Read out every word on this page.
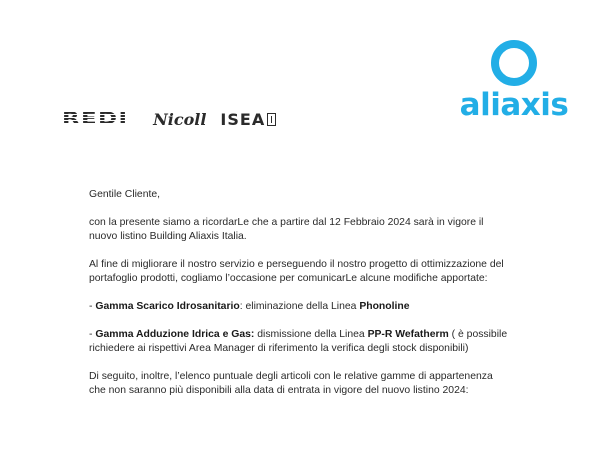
REDI Nicoll ISEA	aliaxis

Gentile Cliente,

con la presente siamo a ricordarLe che a partire dal 12 Febbraio 2024 sarà in vigore il nuovo listino Building Aliaxis Italia.

Al fine di migliorare il nostro servizio e perseguendo il nostro progetto di ottimizzazione del portafoglio prodotti, cogliamo l’occasione per comunicarLe alcune modifiche apportate:

- Gamma Scarico Idrosanitario: eliminazione della Linea Phonoline

- Gamma Adduzione Idrica e Gas: dismissione della Linea PP-R Wefatherm ( è possibile richiedere ai rispettivi Area Manager di riferimento la verifica degli stock disponibili)

Di seguito, inoltre, l’elenco puntuale degli articoli con le relative gamme di appartenenza che non saranno più disponibili alla data di entrata in vigore del nuovo listino 2024:
